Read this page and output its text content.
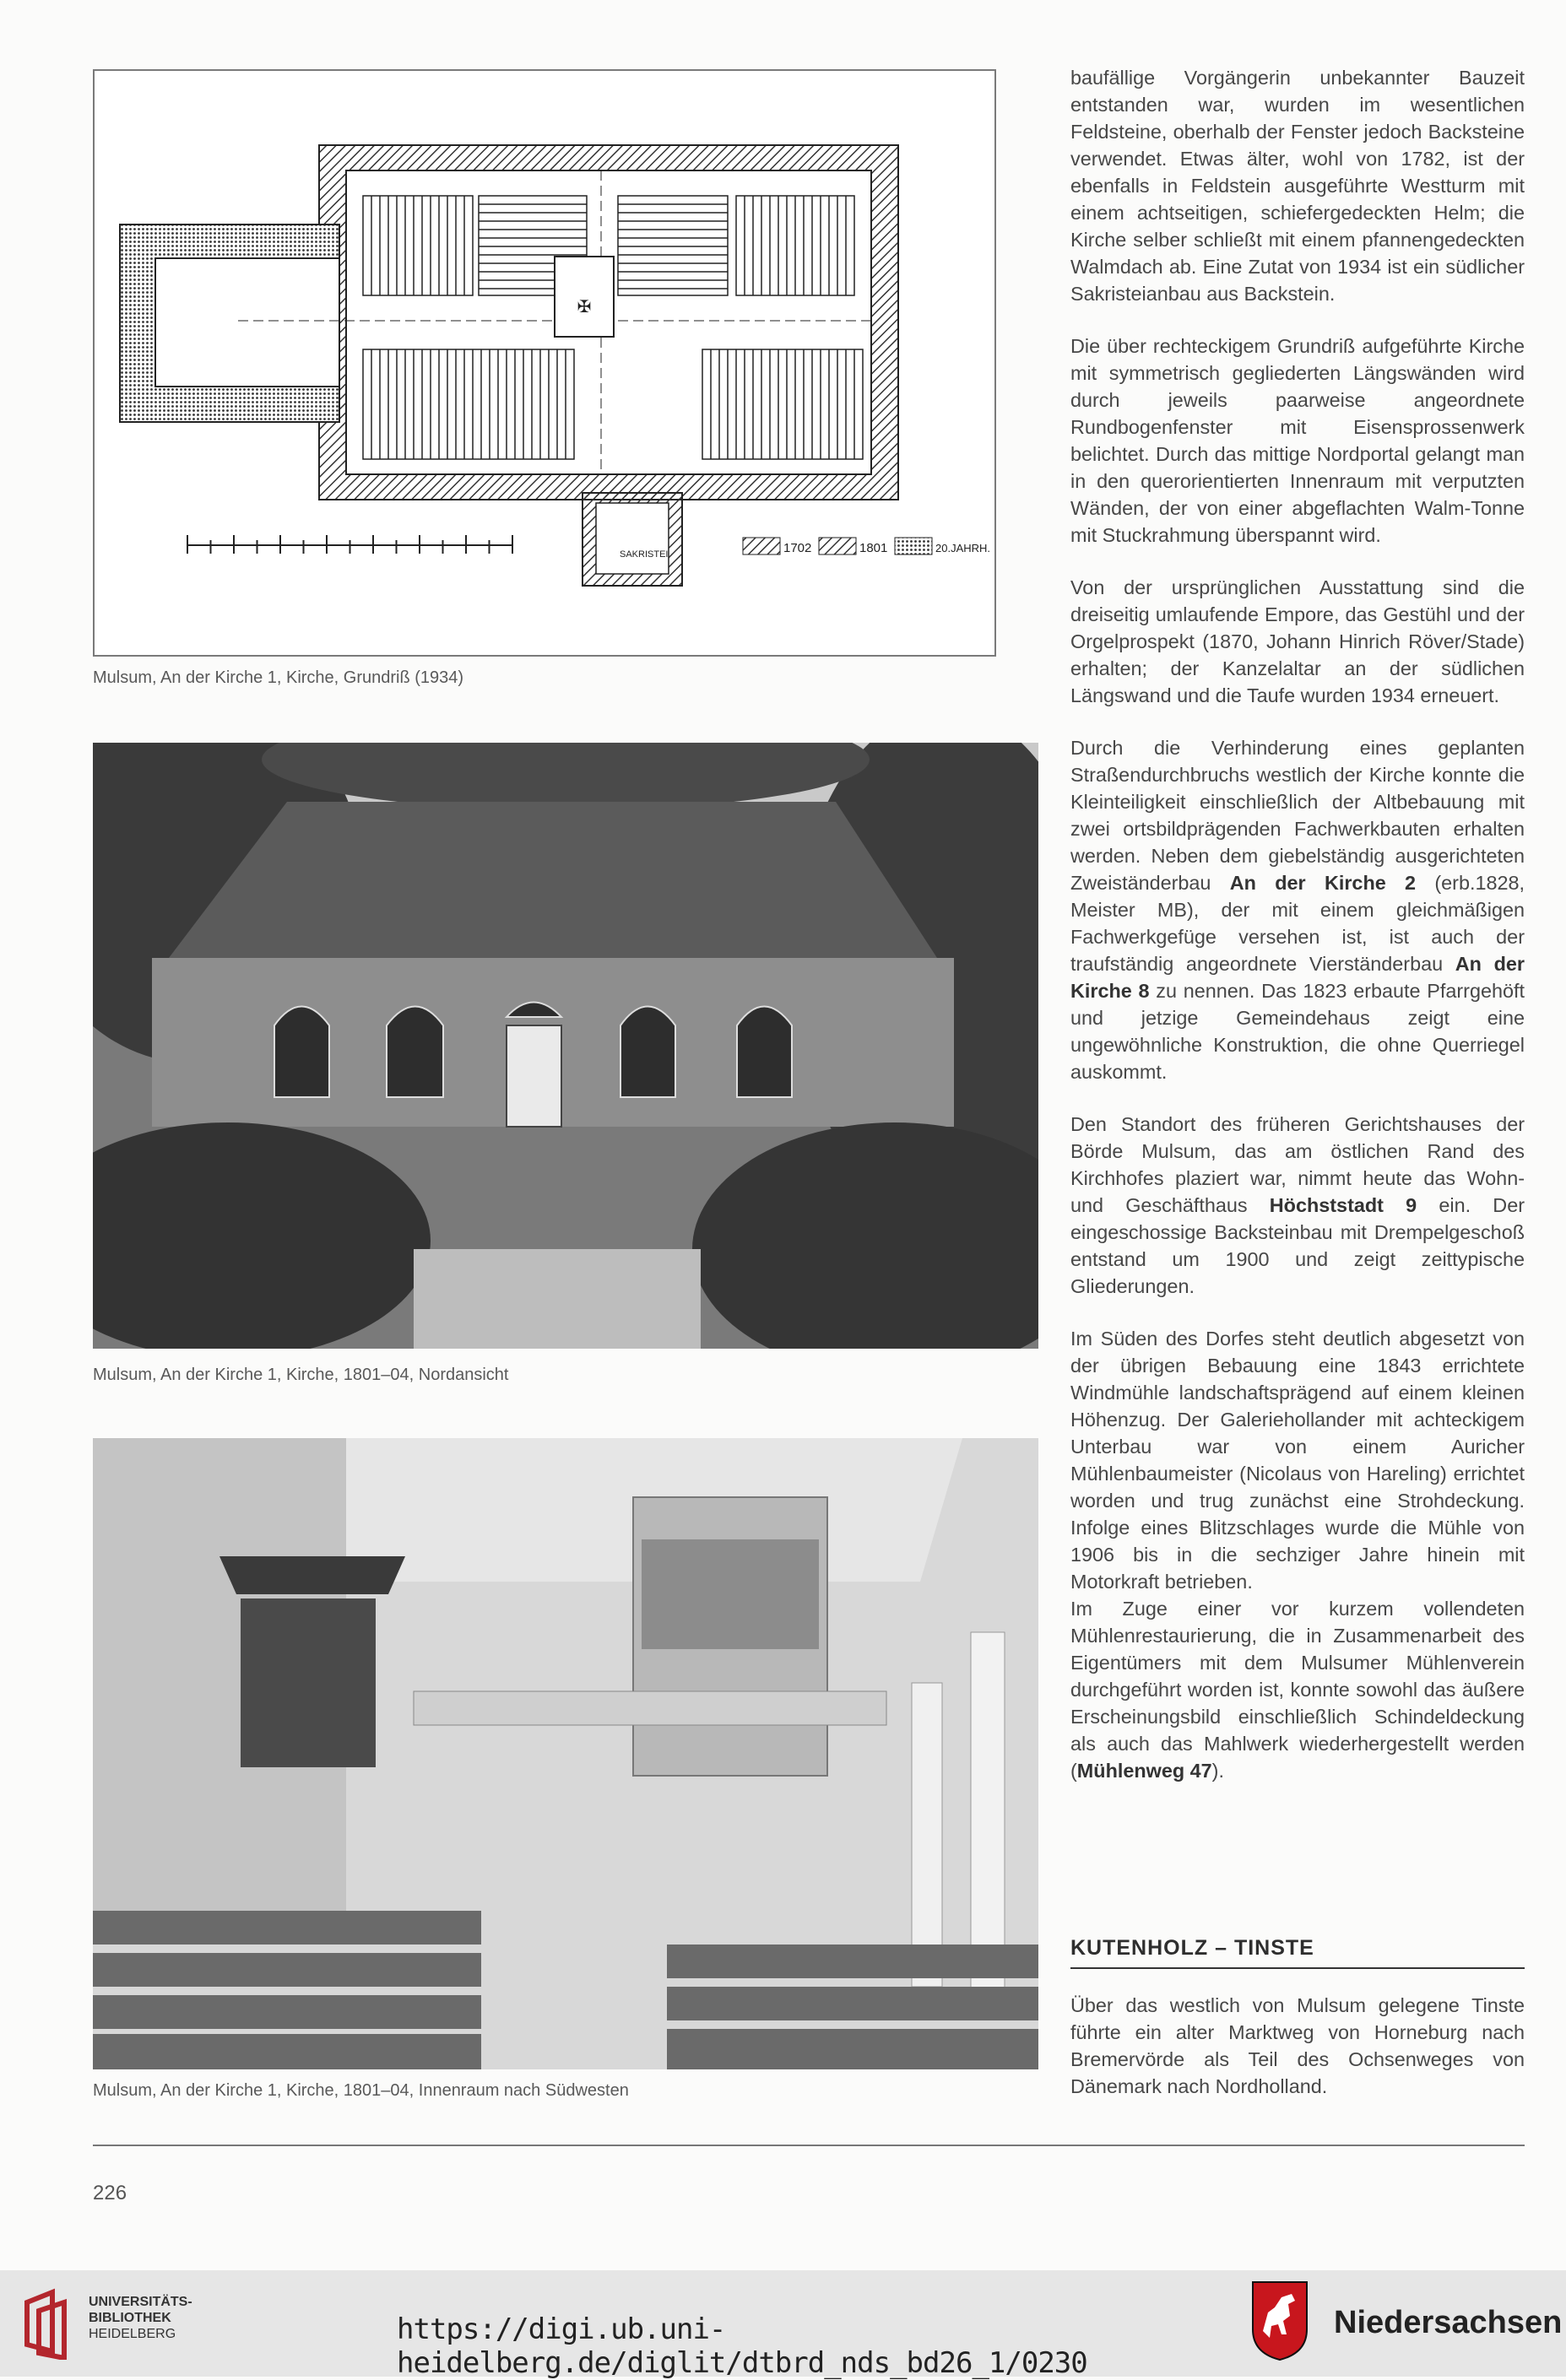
✠
SAKRISTEI	1702	1801	20.JAHRH.
Mulsum, An der Kirche 1, Kirche, Grundriß (1934)
Mulsum, An der Kirche 1, Kirche, 1801–04, Nordansicht
Mulsum, An der Kirche 1, Kirche, 1801–04, Innenraum nach Südwesten

baufällige Vorgängerin unbekannter Bauzeit entstanden war, wurden im wesentlichen Feldsteine, oberhalb der Fenster jedoch Backsteine verwendet. Etwas älter, wohl von 1782, ist der ebenfalls in Feldstein ausgeführte Westturm mit einem achtseitigen, schiefergedeckten Helm; die Kirche selber schließt mit einem pfannengedeckten Walmdach ab. Eine Zutat von 1934 ist ein südlicher Sakristeianbau aus Backstein.

Die über rechteckigem Grundriß aufgeführte Kirche mit symmetrisch gegliederten Längswänden wird durch jeweils paarweise angeordnete Rundbogenfenster mit Eisensprossenwerk belichtet. Durch das mittige Nordportal gelangt man in den querorientierten Innenraum mit verputzten Wänden, der von einer abgeflachten Walm-Tonne mit Stuckrahmung überspannt wird.

Von der ursprünglichen Ausstattung sind die dreiseitig umlaufende Empore, das Gestühl und der Orgelprospekt (1870, Johann Hinrich Röver/Stade) erhalten; der Kanzelaltar an der südlichen Längswand und die Taufe wurden 1934 erneuert.

Durch die Verhinderung eines geplanten Straßendurchbruchs westlich der Kirche konnte die Kleinteiligkeit einschließlich der Altbebauung mit zwei ortsbildprägenden Fachwerkbauten erhalten werden. Neben dem giebelständig ausgerichteten Zweiständerbau An der Kirche 2 (erb.1828, Meister MB), der mit einem gleichmäßigen Fachwerkgefüge versehen ist, ist auch der traufständig angeordnete Vierständerbau An der Kirche 8 zu nennen. Das 1823 erbaute Pfarrgehöft und jetzige Gemeindehaus zeigt eine ungewöhnliche Konstruktion, die ohne Querriegel auskommt.

Den Standort des früheren Gerichtshauses der Börde Mulsum, das am östlichen Rand des Kirchhofes plaziert war, nimmt heute das Wohn- und Geschäfthaus Höchststadt 9 ein. Der eingeschossige Backsteinbau mit Drempelgeschoß entstand um 1900 und zeigt zeittypische Gliederungen.

Im Süden des Dorfes steht deutlich abgesetzt von der übrigen Bebauung eine 1843 errichtete Windmühle landschaftsprägend auf einem kleinen Höhenzug. Der Galeriehollander mit achteckigem Unterbau war von einem Auricher Mühlenbaumeister (Nicolaus von Hareling) errichtet worden und trug zunächst eine Strohdeckung. Infolge eines Blitzschlages wurde die Mühle von 1906 bis in die sechziger Jahre hinein mit Motorkraft betrieben.

Im Zuge einer vor kurzem vollendeten Mühlenrestaurierung, die in Zusammenarbeit des Eigentümers mit dem Mulsumer Mühlenverein durchgeführt worden ist, konnte sowohl das äußere Erscheinungsbild einschließlich Schindeldeckung als auch das Mahlwerk wiederhergestellt werden (Mühlenweg 47).

KUTENHOLZ – TINSTE

Über das westlich von Mulsum gelegene Tinste führte ein alter Marktweg von Horneburg nach Bremervörde als Teil des Ochsenweges von Dänemark nach Nordholland.

226
UNIVERSITÄTS-
BIBLIOTHEK
HEIDELBERG	https://digi.ub.uni-heidelberg.de/diglit/dtbrd_nds_bd26_1/0230
Niedersachsen
